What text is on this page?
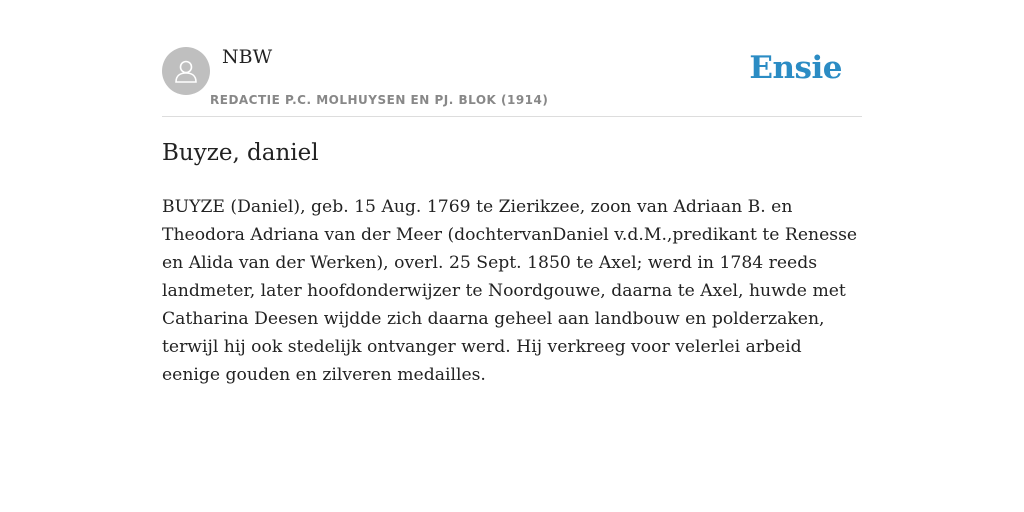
NBW
REDACTIE P.C. MOLHUYSEN EN PJ. BLOK (1914)
Ensie
Buyze, daniel

BUYZE (Daniel), geb. 15 Aug. 1769 te Zierikzee, zoon van Adriaan B. en Theodora Adriana van der Meer (dochtervanDaniel v.d.M.,predikant te Renesse en Alida van der Werken), overl. 25 Sept. 1850 te Axel; werd in 1784 reeds landmeter, later hoofdonderwijzer te Noordgouwe, daarna te Axel, huwde met Catharina Deesen wijdde zich daarna geheel aan landbouw en polderzaken, terwijl hij ook stedelijk ontvanger werd. Hij verkreeg voor velerlei arbeid eenige gouden en zilveren medailles.
